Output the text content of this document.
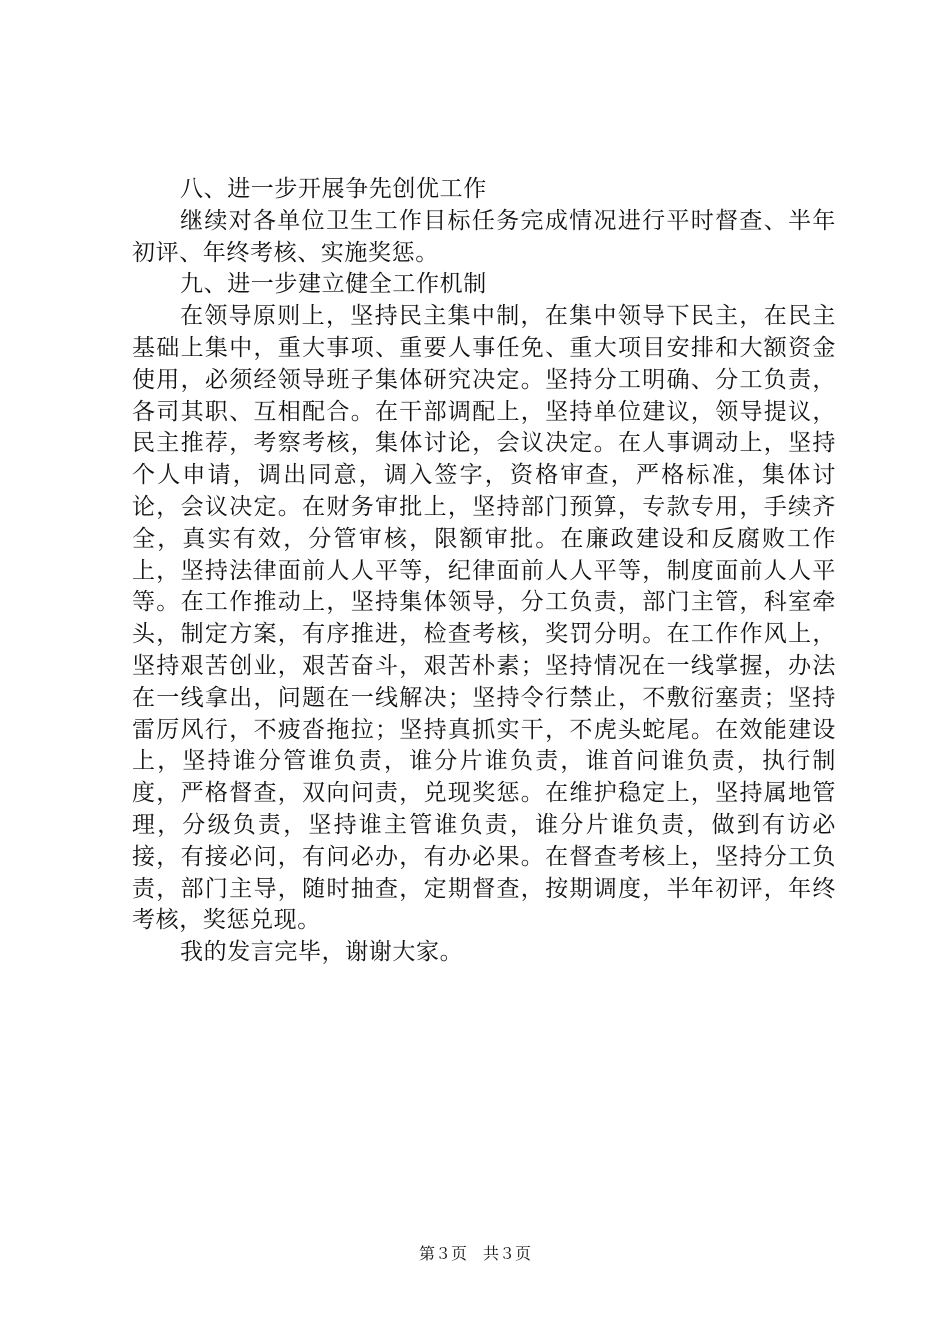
八、进一步开展争先创优工作

继续对各单位卫生工作目标任务完成情况进行平时督查、半年初评、年终考核、实施奖惩。

九、进一步建立健全工作机制

在领导原则上，坚持民主集中制，在集中领导下民主，在民主基础上集中，重大事项、重要人事任免、重大项目安排和大额资金使用，必须经领导班子集体研究决定。坚持分工明确、分工负责，各司其职、互相配合。在干部调配上，坚持单位建议，领导提议，民主推荐，考察考核，集体讨论，会议决定。在人事调动上，坚持个人申请，调出同意，调入签字，资格审查，严格标准，集体讨论，会议决定。在财务审批上，坚持部门预算，专款专用，手续齐全，真实有效，分管审核，限额审批。在廉政建设和反腐败工作上，坚持法律面前人人平等，纪律面前人人平等，制度面前人人平等。在工作推动上，坚持集体领导，分工负责，部门主管，科室牵头，制定方案，有序推进，检查考核，奖罚分明。在工作作风上，坚持艰苦创业，艰苦奋斗，艰苦朴素；坚持情况在一线掌握，办法在一线拿出，问题在一线解决；坚持令行禁止，不敷衍塞责；坚持雷厉风行，不疲沓拖拉；坚持真抓实干，不虎头蛇尾。在效能建设上，坚持谁分管谁负责，谁分片谁负责，谁首问谁负责，执行制度，严格督查，双向问责，兑现奖惩。在维护稳定上，坚持属地管理，分级负责，坚持谁主管谁负责，谁分片谁负责，做到有访必接，有接必问，有问必办，有办必果。在督查考核上，坚持分工负责，部门主导，随时抽查，定期督查，按期调度，半年初评，年终考核，奖惩兑现。

我的发言完毕，谢谢大家。

第３页　共３页
